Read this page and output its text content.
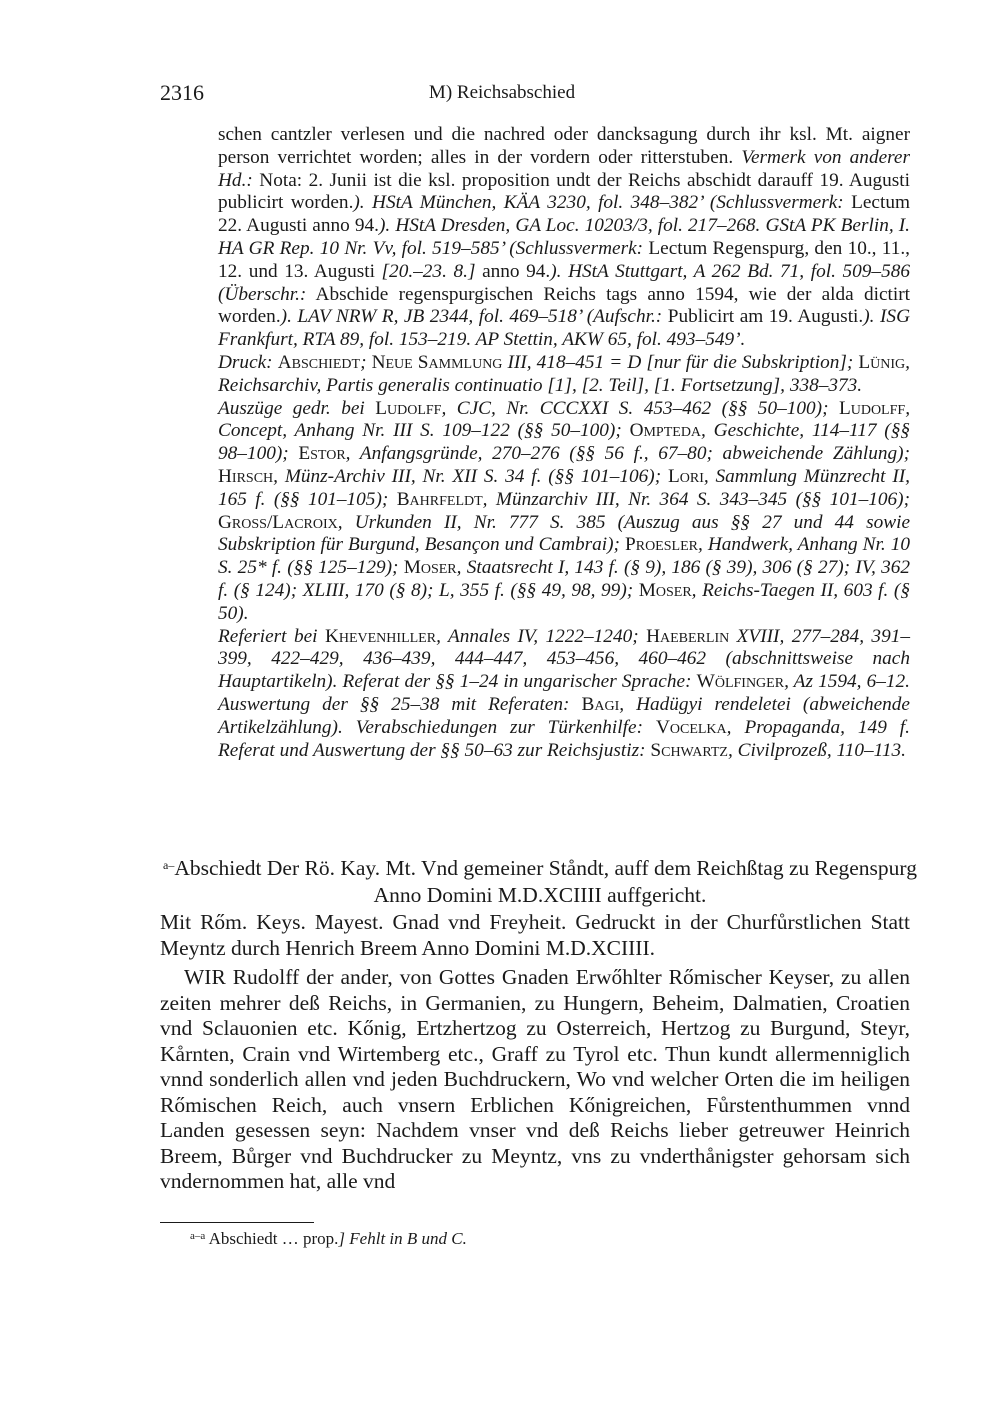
2316	M) Reichsabschied

schen cantzler verlesen und die nachred oder dancksagung durch ihr ksl. Mt. aigner person verrichtet worden; alles in der vordern oder ritterstuben. Vermerk von anderer Hd.: Nota: 2. Junii ist die ksl. proposition undt der Reichs abschidt darauff 19. Augusti publicirt worden.). HStA München, KÄA 3230, fol. 348–382’ (Schlussvermerk: Lectum 22. Augusti anno 94.). HStA Dresden, GA Loc. 10203/3, fol. 217–268. GStA PK Berlin, I. HA GR Rep. 10 Nr. Vv, fol. 519–585’ (Schlussvermerk: Lectum Regenspurg, den 10., 11., 12. und 13. Augusti [20.–23. 8.] anno 94.). HStA Stuttgart, A 262 Bd. 71, fol. 509–586 (Überschr.: Abschide regenspurgischen Reichs tags anno 1594, wie der alda dictirt worden.). LAV NRW R, JB 2344, fol. 469–518’ (Aufschr.: Publicirt am 19. Augusti.). ISG Frankfurt, RTA 89, fol. 153–219. AP Stettin, AKW 65, fol. 493–549’.

Druck: Abschiedt; Neue Sammlung III, 418–451 = D [nur für die Subskription]; Lünig, Reichsarchiv, Partis generalis continuatio [1], [2. Teil], [1. Fortsetzung], 338–373.

Auszüge gedr. bei Ludolff, CJC, Nr. CCCXXI S. 453–462 (§§ 50–100); Ludolff, Concept, Anhang Nr. III S. 109–122 (§§ 50–100); Ompteda, Geschichte, 114–117 (§§ 98–100); Estor, Anfangsgründe, 270–276 (§§ 56 f., 67–80; abweichende Zählung); Hirsch, Münz-Archiv III, Nr. XII S. 34 f. (§§ 101–106); Lori, Sammlung Münzrecht II, 165 f. (§§ 101–105); Bahrfeldt, Münzarchiv III, Nr. 364 S. 343–345 (§§ 101–106); Gross/Lacroix, Urkunden II, Nr. 777 S. 385 (Auszug aus §§ 27 und 44 sowie Subskription für Burgund, Besançon und Cambrai); Proesler, Handwerk, Anhang Nr. 10 S. 25* f. (§§ 125–129); Moser, Staatsrecht I, 143 f. (§ 9), 186 (§ 39), 306 (§ 27); IV, 362 f. (§ 124); XLIII, 170 (§ 8); L, 355 f. (§§ 49, 98, 99); Moser, Reichs-Taegen II, 603 f. (§ 50).

Referiert bei Khevenhiller, Annales IV, 1222–1240; Haeberlin XVIII, 277–284, 391–399, 422–429, 436–439, 444–447, 453–456, 460–462 (abschnittsweise nach Hauptartikeln). Referat der §§ 1–24 in ungarischer Sprache: Wölfinger, Az 1594, 6–12. Auswertung der §§ 25–38 mit Referaten: Bagi, Hadügyi rendeletei (abweichende Artikelzählung). Verabschiedungen zur Türkenhilfe: Vocelka, Propaganda, 149 f. Referat und Auswertung der §§ 50–63 zur Reichsjustiz: Schwartz, Civilprozeß, 110–113.

$^{a-}$Abschiedt Der Rö. Kay. Mt. Vnd gemeiner Ståndt, auff dem Reichßtag zu Regenspurg Anno Domini M.D.XCIIII auffgericht.

Mit Rőm. Keys. Mayest. Gnad vnd Freyheit. Gedruckt in der Churfůrstlichen Statt Meyntz durch Henrich Breem Anno Domini M.D.XCIIII.

WIR Rudolff der ander, von Gottes Gnaden Erwőhlter Rőmischer Keyser, zu allen zeiten mehrer deß Reichs, in Germanien, zu Hungern, Beheim, Dalmatien, Croatien vnd Sclauonien etc. Kőnig, Ertzhertzog zu Osterreich, Hertzog zu Burgund, Steyr, Kårnten, Crain vnd Wirtemberg etc., Graff zu Tyrol etc. Thun kundt allermenniglich vnnd sonderlich allen vnd jeden Buchdruckern, Wo vnd welcher Orten die im heiligen Rőmischen Reich, auch vnsern Erblichen Kőnigreichen, Fůrstenthummen vnnd Landen gesessen seyn: Nachdem vnser vnd deß Reichs lieber getreuwer Heinrich Breem, Bůrger vnd Buchdrucker zu Meyntz, vns zu vnderthånigster gehorsam sich vndernommen hat, alle vnd

$^{a-a}$ Abschiedt … prop.] Fehlt in B und C.
